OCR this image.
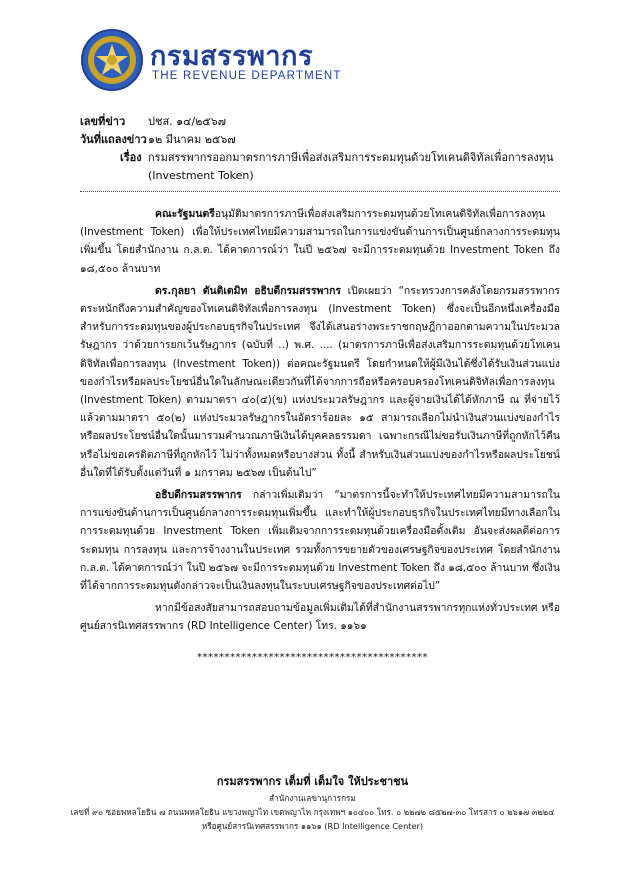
กรมสรรพากร
THE REVENUE DEPARTMENT
เลขที่ข่าว	ปชส. ๑๔/๒๕๖๗
วันที่แถลงข่าว ๑๒ มีนาคม ๒๕๖๗
เรื่อง กรมสรรพากรออกมาตรการภาษีเพื่อส่งเสริมการระดมทุนด้วยโทเคนดิจิทัลเพื่อการลงทุน (Investment Token)

คณะรัฐมนตรีอนุมัติมาตรการภาษีเพื่อส่งเสริมการระดมทุนด้วยโทเคนดิจิทัลเพื่อการลงทุน (Investment Token) เพื่อให้ประเทศไทยมีความสามารถในการแข่งขันด้านการเป็นศูนย์กลางการระดมทุนเพิ่มขึ้น โดยสำนักงาน ก.ล.ต. ได้คาดการณ์ว่า ในปี ๒๕๖๗ จะมีการระดมทุนด้วย Investment Token ถึง ๑๘,๕๐๐ ล้านบาท

ดร.กุลยา ตันติเตมิท อธิบดีกรมสรรพากร เปิดเผยว่า “กระทรวงการคลังโดยกรมสรรพากรตระหนักถึงความสำคัญของโทเคนดิจิทัลเพื่อการลงทุน (Investment Token) ซึ่งจะเป็นอีกหนึ่งเครื่องมือสำหรับการระดมทุนของผู้ประกอบธุรกิจในประเทศ จึงได้เสนอร่างพระราชกฤษฎีกาออกตามความในประมวลรัษฎากร ว่าด้วยการยกเว้นรัษฎากร (ฉบับที่ ..) พ.ศ. .... (มาตรการภาษีเพื่อส่งเสริมการระดมทุนด้วยโทเคนดิจิทัลเพื่อการลงทุน (Investment Token)) ต่อคณะรัฐมนตรี โดยกำหนดให้ผู้มีเงินได้ซึ่งได้รับเงินส่วนแบ่งของกำไรหรือผลประโยชน์อื่นใดในลักษณะเดียวกันที่ได้จากการถือหรือครอบครองโทเคนดิจิทัลเพื่อการลงทุน (Investment Token) ตามมาตรา ๔๐(๔)(ข) แห่งประมวลรัษฎากร และผู้จ่ายเงินได้ได้หักภาษี ณ ที่จ่ายไว้แล้วตามมาตรา ๕๐(๒) แห่งประมวลรัษฎากรในอัตราร้อยละ ๑๕ สามารถเลือกไม่นำเงินส่วนแบ่งของกำไรหรือผลประโยชน์อื่นใดนั้นมารวมคำนวณภาษีเงินได้บุคคลธรรมดา เฉพาะกรณีไม่ขอรับเงินภาษีที่ถูกหักไว้คืนหรือไม่ขอเครดิตภาษีที่ถูกหักไว้ ไม่ว่าทั้งหมดหรือบางส่วน ทั้งนี้ สำหรับเงินส่วนแบ่งของกำไรหรือผลประโยชน์อื่นใดที่ได้รับตั้งแต่วันที่ ๑ มกราคม ๒๕๖๗ เป็นต้นไป”

อธิบดีกรมสรรพากร กล่าวเพิ่มเติมว่า “มาตรการนี้จะทำให้ประเทศไทยมีความสามารถในการแข่งขันด้านการเป็นศูนย์กลางการระดมทุนเพิ่มขึ้น และทำให้ผู้ประกอบธุรกิจในประเทศไทยมีทางเลือกในการระดมทุนด้วย Investment Token เพิ่มเติมจากการระดมทุนด้วยเครื่องมือดั้งเดิม อันจะส่งผลดีต่อการระดมทุน การลงทุน และการจ้างงานในประเทศ รวมทั้งการขยายตัวของเศรษฐกิจของประเทศ โดยสำนักงาน ก.ล.ต. ได้คาดการณ์ว่า ในปี ๒๕๖๗ จะมีการระดมทุนด้วย Investment Token ถึง ๑๘,๕๐๐ ล้านบาท ซึ่งเงินที่ได้จากการระดมทุนดังกล่าวจะเป็นเงินลงทุนในระบบเศรษฐกิจของประเทศต่อไป”

หากมีข้อสงสัยสามารถสอบถามข้อมูลเพิ่มเติมได้ที่สำนักงานสรรพากรทุกแห่งทั่วประเทศ หรือศูนย์สารนิเทศสรรพากร (RD Intelligence Center) โทร. ๑๑๖๑

******************************************
กรมสรรพากร เต็มที่ เต็มใจ ให้ประชาชน
สำนักงานเลขานุการกรม
เลขที่ ๙๐ ซอยพหลโยธิน ๗ ถนนพหลโยธิน แขวงพญาไท เขตพญาไท กรุงเทพฯ ๑๐๔๐๐ โทร. ๐ ๒๒๗๒ ๘๕๒๗-๓๐ โทรสาร ๐ ๒๖๑๗ ๓๒๒๔
หรือศูนย์สารนิเทศสรรพากร ๑๑๖๑ (RD Intelligence Center)
